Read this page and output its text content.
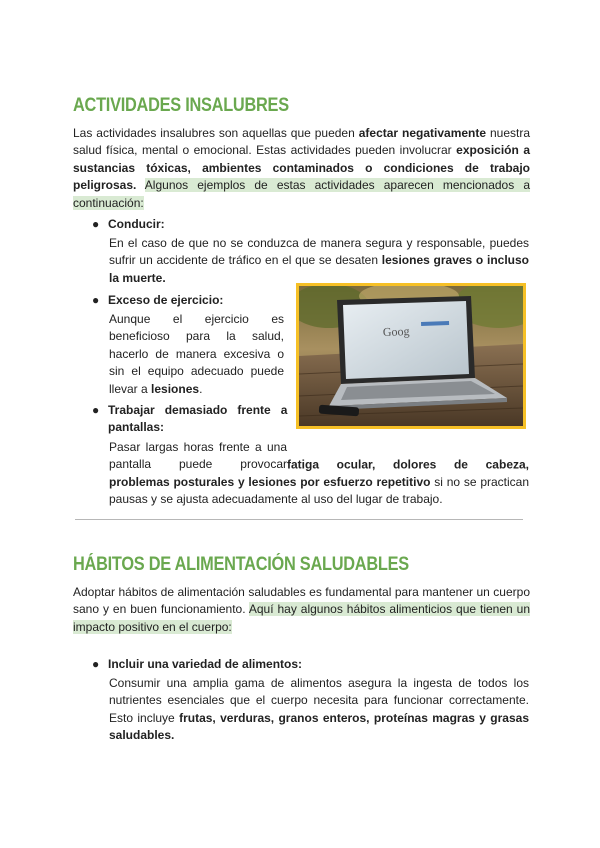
ACTIVIDADES INSALUBRES

Las actividades insalubres son aquellas que pueden afectar negativamente nuestra salud física, mental o emocional. Estas actividades pueden involucrar exposición a sustancias tóxicas, ambientes contaminados o condiciones de trabajo peligrosas. Algunos ejemplos de estas actividades aparecen mencionados a continuación:

● Conducir:

En el caso de que no se conduzca de manera segura y responsable, puedes sufrir un accidente de tráfico en el que se desaten lesiones graves o incluso la muerte.

● Exceso de ejercicio:

Aunque el ejercicio es beneficioso para la salud, hacerlo de manera excesiva o sin el equipo adecuado puede llevar a lesiones.

● Trabajar   demasiado   frente   a
pantallas:

Pasar largas horas frente a una pantalla puede provocarfatiga ocular, dolores de cabeza, problemas posturales y lesiones por esfuerzo repetitivo si no se practican pausas y se ajusta adecuadamente al uso del lugar de trabajo.

Goog
HÁBITOS DE ALIMENTACIÓN SALUDABLES

Adoptar hábitos de alimentación saludables es fundamental para mantener un cuerpo sano y en buen funcionamiento. Aquí hay algunos hábitos alimenticios que tienen un impacto positivo en el cuerpo:

● Incluir una variedad de alimentos:

Consumir una amplia gama de alimentos asegura la ingesta de todos los nutrientes esenciales que el cuerpo necesita para funcionar correctamente. Esto incluye frutas, verduras, granos enteros, proteínas magras y grasas saludables.
